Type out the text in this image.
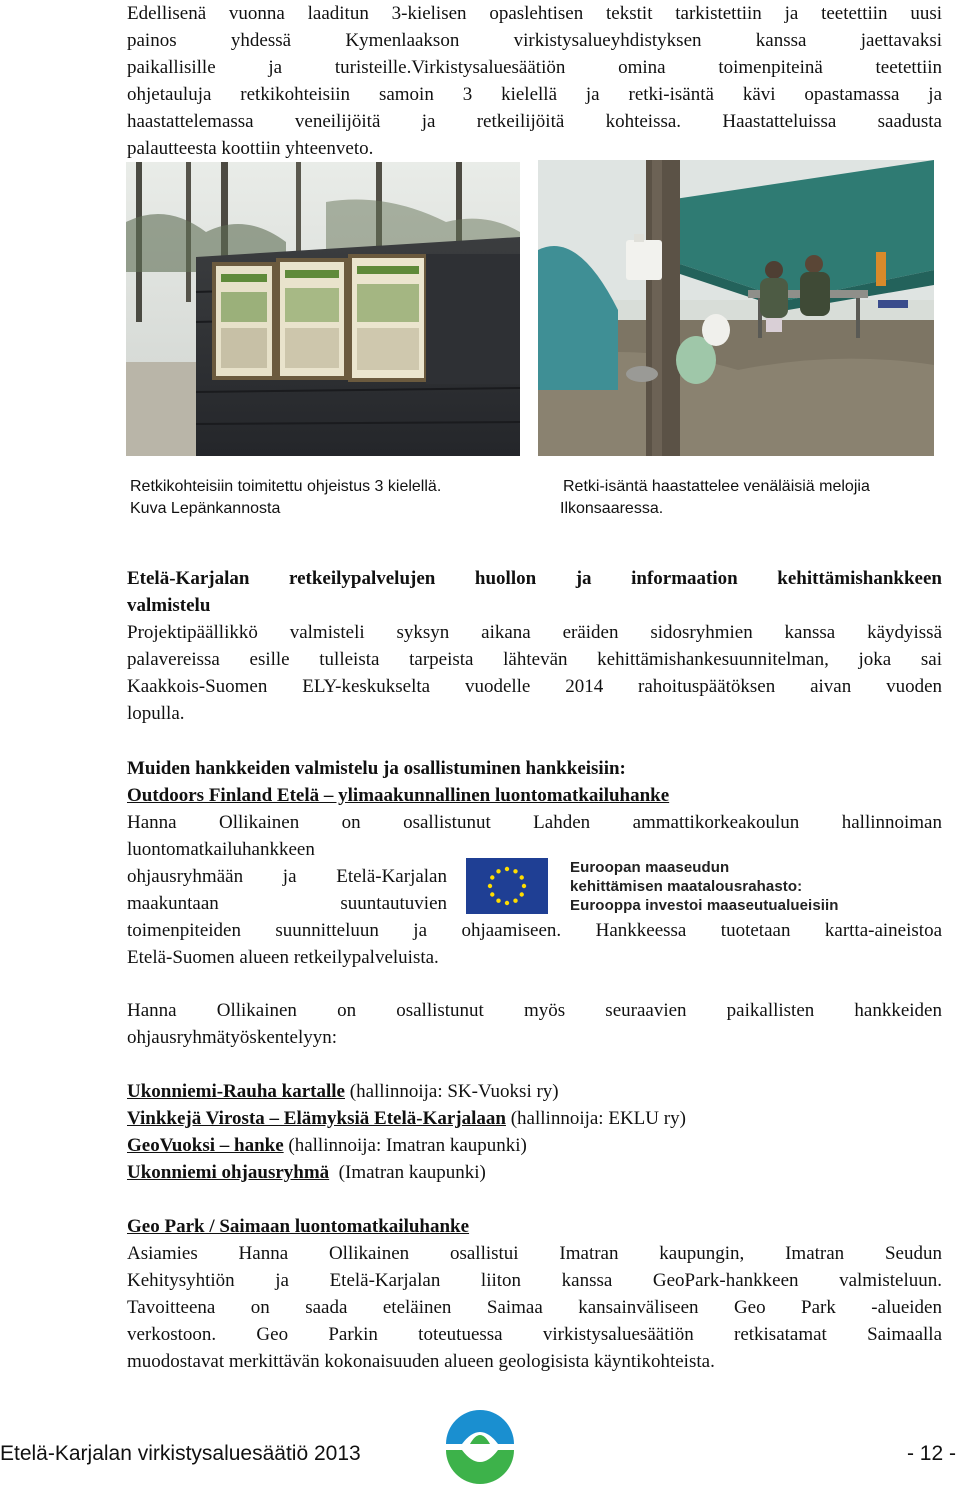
Edellisenä vuonna laaditun 3-kielisen opaslehtisen tekstit tarkistettiin ja teetettiin uusi
painos yhdessä Kymenlaakson virkistysalueyhdistyksen kanssa jaettavaksi
paikallisille ja turisteille.Virkistysaluesäätiön omina toimenpiteinä teetettiin
ohjetauluja retkikohteisiin samoin 3 kielellä ja retki-isäntä kävi opastamassa ja
haastattelemassa veneilijöitä ja retkeilijöitä kohteissa. Haastatteluissa saadusta
palautteesta koottiin yhteenveto.
Retkikohteisiin toimitettu ohjeistus 3 kielellä.
Kuva Lepänkannosta
Retki-isäntä haastattelee venäläisiä melojia
Ilkonsaaressa.
Etelä-Karjalan retkeilypalvelujen huollon ja informaation kehittämishankkeen
valmistelu
Projektipäällikkö valmisteli syksyn aikana eräiden sidosryhmien kanssa käydyissä
palavereissa esille tulleista tarpeista lähtevän kehittämishankesuunnitelman, joka sai
Kaakkois-Suomen ELY-keskukselta vuodelle 2014 rahoituspäätöksen aivan vuoden
lopulla.
Muiden hankkeiden valmistelu ja osallistuminen hankkeisiin:
Outdoors Finland Etelä – ylimaakunnallinen luontomatkailuhanke
Hanna Ollikainen on osallistunut Lahden ammattikorkeakoulun hallinnoiman
luontomatkailuhankkeen
ohjausryhmään ja Etelä-Karjalan
maakuntaan suuntautuvien
toimenpiteiden suunnitteluun ja ohjaamiseen. Hankkeessa tuotetaan kartta-aineistoa
Etelä-Suomen alueen retkeilypalveluista.
Euroopan maaseudun
kehittämisen maatalousrahasto:
Eurooppa investoi maaseutualueisiin
Hanna Ollikainen on osallistunut myös seuraavien paikallisten hankkeiden
ohjausryhmätyöskentelyyn:
Ukonniemi-Rauha kartalle (hallinnoija: SK-Vuoksi ry)
Vinkkejä Virosta – Elämyksiä Etelä-Karjalaan (hallinnoija: EKLU ry)
GeoVuoksi – hanke (hallinnoija: Imatran kaupunki)
Ukonniemi ohjausryhmä  (Imatran kaupunki)
Geo Park / Saimaan luontomatkailuhanke
Asiamies Hanna Ollikainen osallistui Imatran kaupungin, Imatran Seudun
Kehitysyhtiön ja Etelä-Karjalan liiton kanssa GeoPark-hankkeen valmisteluun.
Tavoitteena on saada eteläinen Saimaa kansainväliseen Geo Park -alueiden
verkostoon. Geo Parkin toteutuessa virkistysaluesäätiön retkisatamat Saimaalla
muodostavat merkittävän kokonaisuuden alueen geologisista käyntikohteista.
Etelä-Karjalan virkistysaluesäätiö 2013	- 12 -
